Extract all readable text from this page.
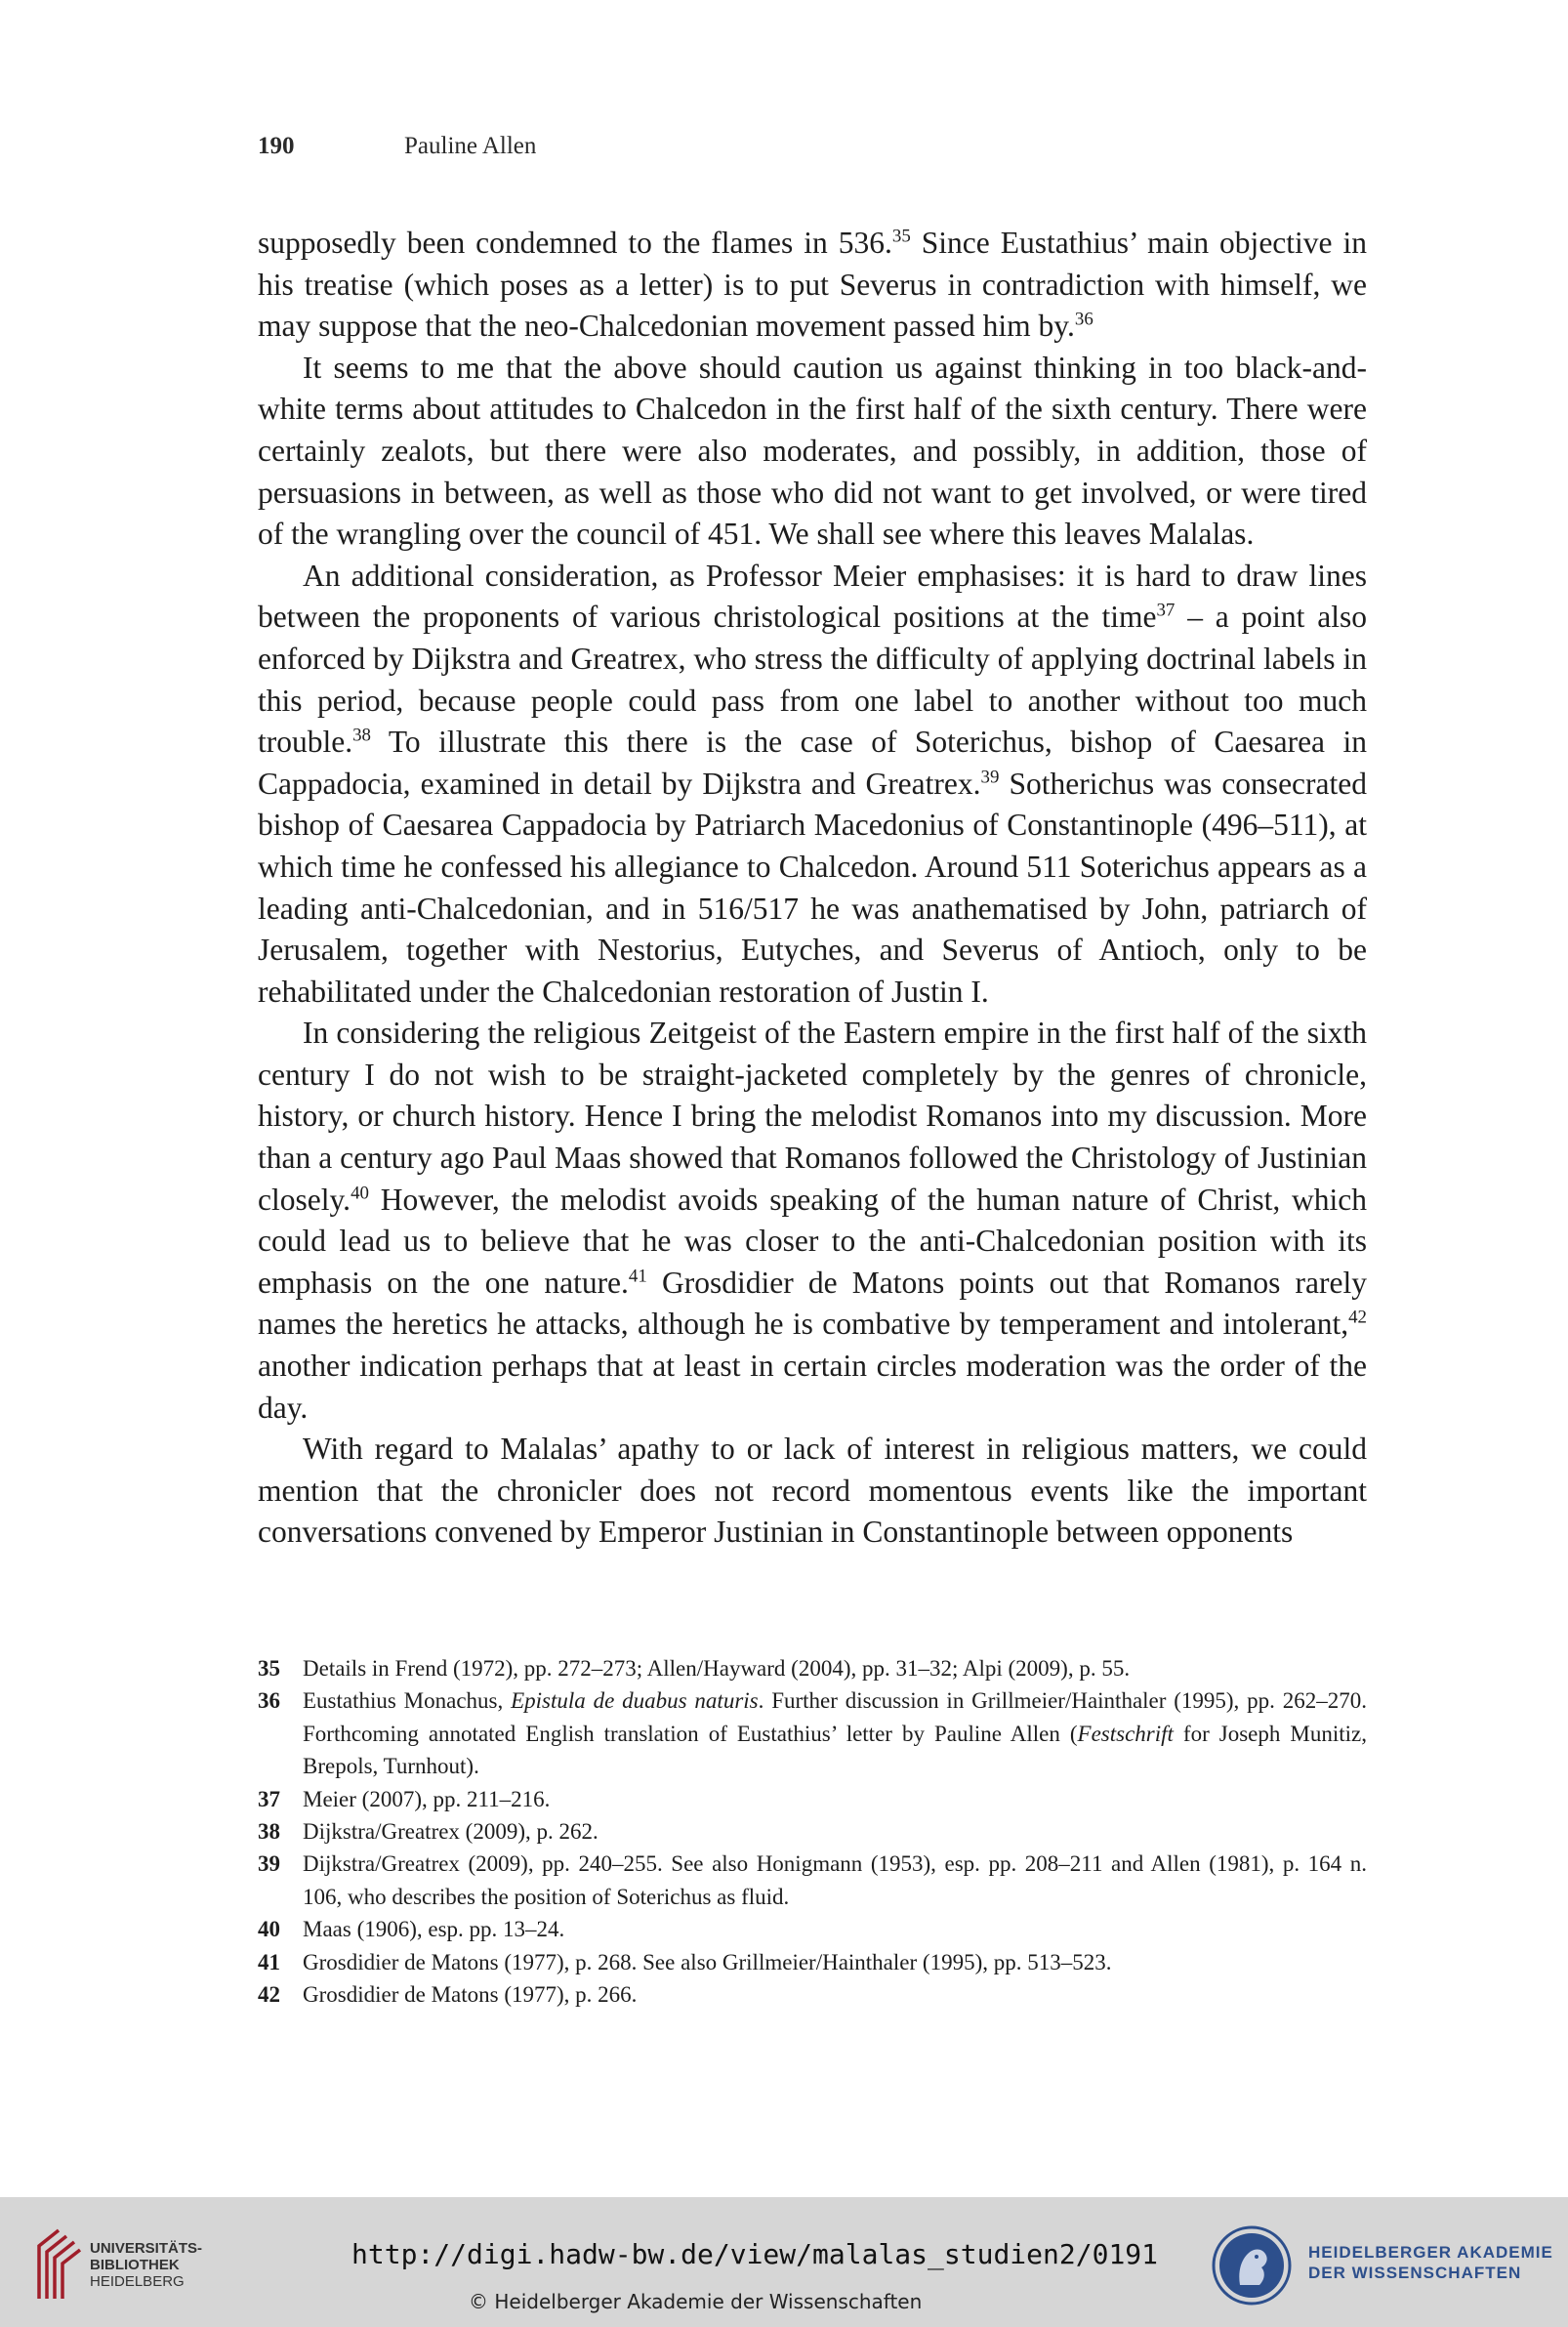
190	Pauline Allen

supposedly been condemned to the flames in 536.35 Since Eustathius’ main objective in his treatise (which poses as a letter) is to put Severus in contradiction with himself, we may suppose that the neo-Chalcedonian movement passed him by.$^{36}$

It seems to me that the above should caution us against thinking in too black-and-white terms about attitudes to Chalcedon in the first half of the sixth century. There were certainly zealots, but there were also moderates, and possibly, in addition, those of persuasions in between, as well as those who did not want to get involved, or were tired of the wrangling over the council of 451. We shall see where this leaves Malalas.

An additional consideration, as Professor Meier emphasises: it is hard to draw lines between the proponents of various christological positions at the time$^{37}$ – a point also enforced by Dijkstra and Greatrex, who stress the difficulty of applying doctrinal labels in this period, because people could pass from one label to another without too much trouble.$^{38}$ To illustrate this there is the case of Soterichus, bishop of Caesarea in Cappadocia, examined in detail by Dijkstra and Greatrex.$^{39}$ Sotherichus was consecrated bishop of Caesarea Cappadocia by Patriarch Macedonius of Constantinople (496–511), at which time he confessed his allegiance to Chalcedon. Around 511 Soterichus appears as a leading anti-Chalcedonian, and in 516/517 he was anathematised by John, patriarch of Jerusalem, together with Nestorius, Eutyches, and Severus of Antioch, only to be rehabilitated under the Chalcedonian restoration of Justin I.

In considering the religious Zeitgeist of the Eastern empire in the first half of the sixth century I do not wish to be straight-jacketed completely by the genres of chronicle, history, or church history. Hence I bring the melodist Romanos into my discussion. More than a century ago Paul Maas showed that Romanos followed the Christology of Justinian closely.$^{40}$ However, the melodist avoids speaking of the human nature of Christ, which could lead us to believe that he was closer to the anti-Chalcedonian position with its emphasis on the one nature.$^{41}$ Grosdidier de Matons points out that Romanos rarely names the heretics he attacks, although he is combative by temperament and intolerant,$^{42}$ another indication perhaps that at least in certain circles moderation was the order of the day.

With regard to Malalas’ apathy to or lack of interest in religious matters, we could mention that the chronicler does not record momentous events like the important conversations convened by Emperor Justinian in Constantinople between opponents

35	Details in Frend (1972), pp. 272–273; Allen/Hayward (2004), pp. 31–32; Alpi (2009), p. 55.
36	Eustathius Monachus, Epistula de duabus naturis. Further discussion in Grillmeier/Hainthaler (1995), pp. 262–270. Forthcoming annotated English translation of Eustathius’ letter by Pauline Allen (Festschrift for Joseph Munitiz, Brepols, Turnhout).
37	Meier (2007), pp. 211–216.
38	Dijkstra/Greatrex (2009), p. 262.
39	Dijkstra/Greatrex (2009), pp. 240–255. See also Honigmann (1953), esp. pp. 208–211 and Allen (1981), p. 164 n. 106, who describes the position of Soterichus as fluid.
40	Maas (1906), esp. pp. 13–24.
41	Grosdidier de Matons (1977), p. 268. See also Grillmeier/Hainthaler (1995), pp. 513–523.
42	Grosdidier de Matons (1977), p. 266.
UNIVERSITÄTS-
BIBLIOTHEK
HEIDELBERG
http://digi.hadw-bw.de/view/malalas_studien2/0191
© Heidelberger Akademie der Wissenschaften
HEIDELBERGER AKADEMIE
DER WISSENSCHAFTEN
